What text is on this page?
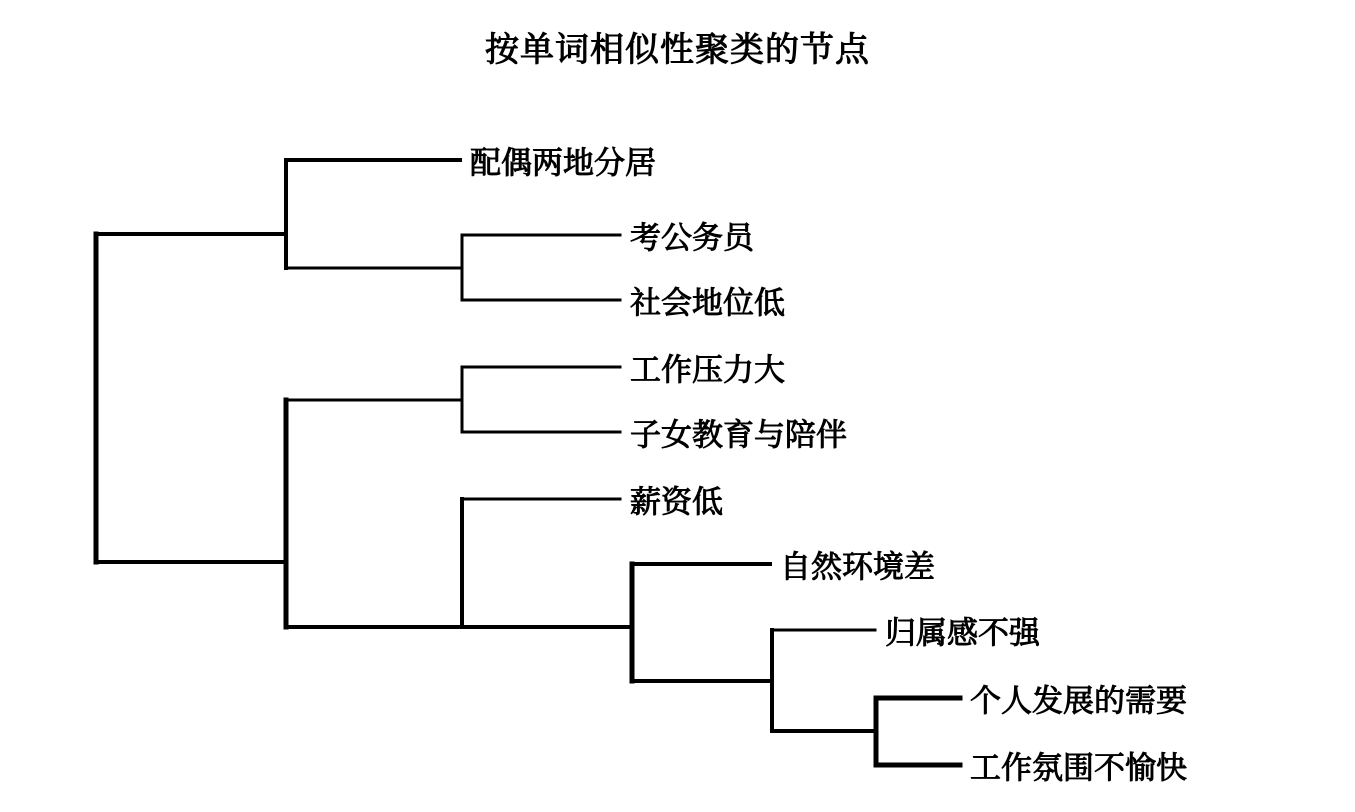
按单词相似性聚类的节点
配偶两地分居
考公务员
社会地位低
工作压力大
子女教育与陪伴
薪资低
自然环境差
归属感不强
个人发展的需要
工作氛围不愉快
